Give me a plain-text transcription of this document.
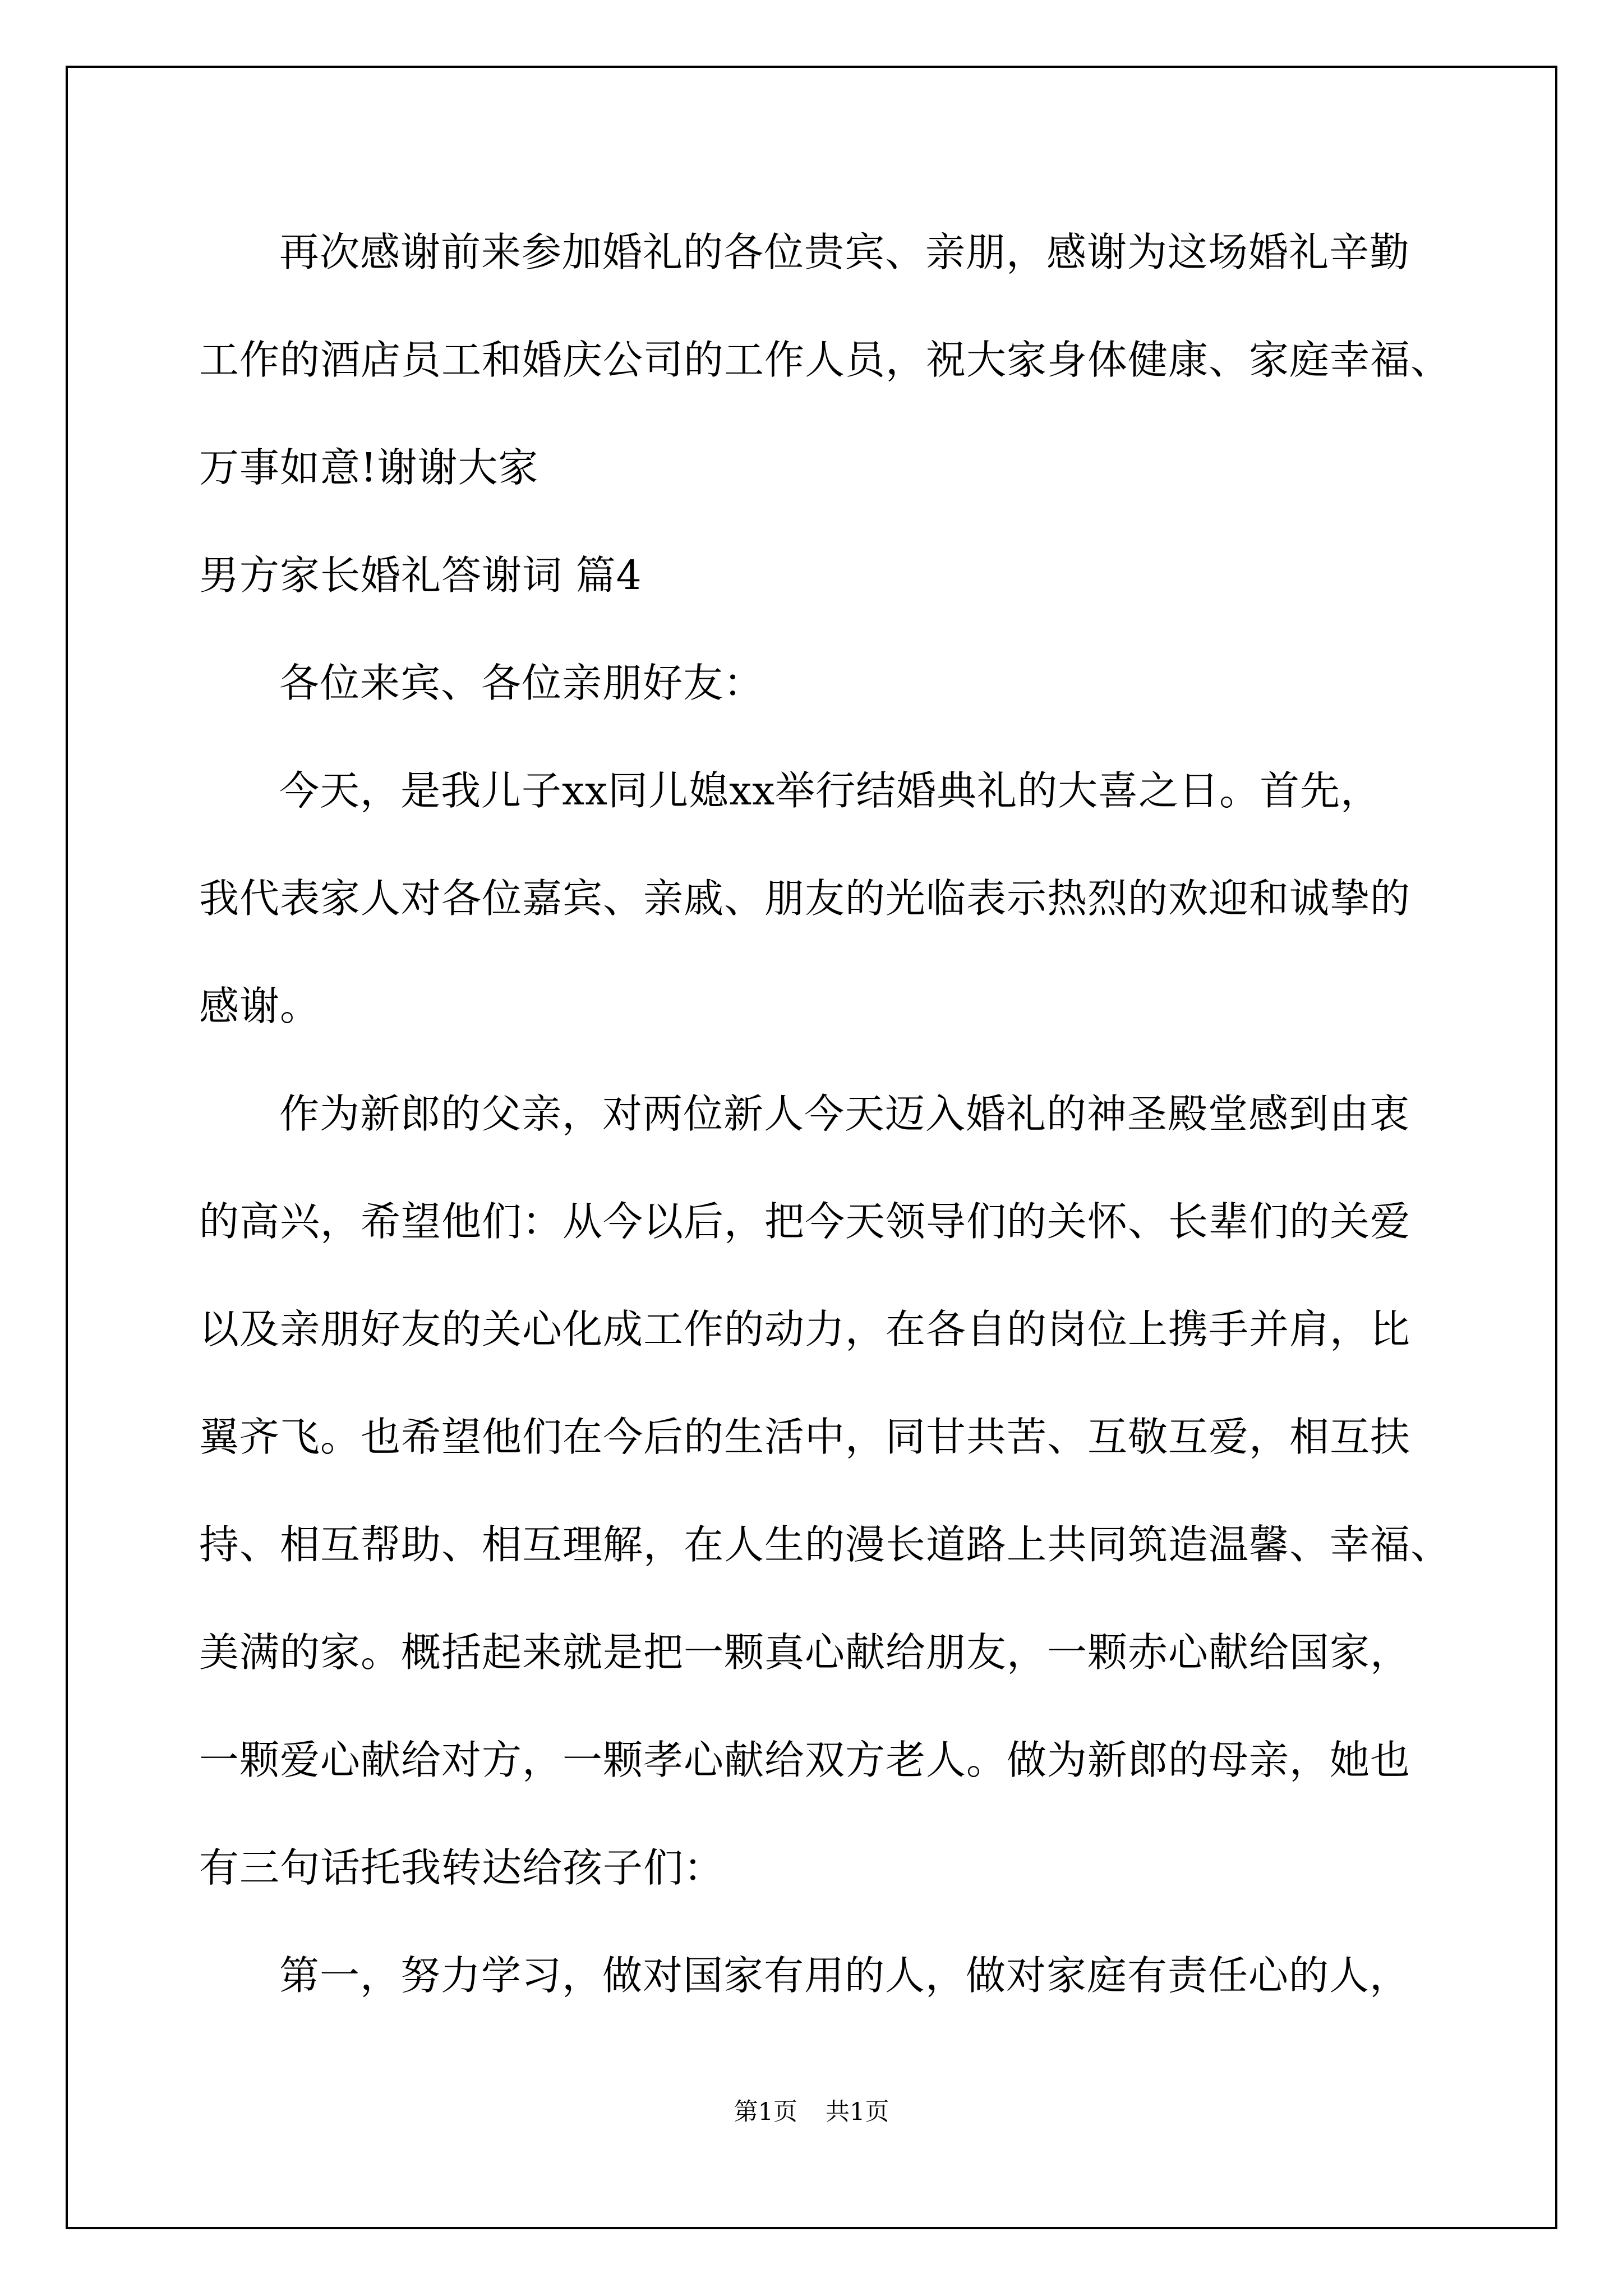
再次感谢前来参加婚礼的各位贵宾、亲朋，感谢为这场婚礼辛勤
工作的酒店员工和婚庆公司的工作人员，祝大家身体健康、家庭幸福、
万事如意!谢谢大家
男方家长婚礼答谢词 篇4
各位来宾、各位亲朋好友：
今天，是我儿子xx同儿媳xx举行结婚典礼的大喜之日。首先，
我代表家人对各位嘉宾、亲戚、朋友的光临表示热烈的欢迎和诚挚的
感谢。
作为新郎的父亲，对两位新人今天迈入婚礼的神圣殿堂感到由衷
的高兴，希望他们：从今以后，把今天领导们的关怀、长辈们的关爱
以及亲朋好友的关心化成工作的动力，在各自的岗位上携手并肩，比
翼齐飞。也希望他们在今后的生活中，同甘共苦、互敬互爱，相互扶
持、相互帮助、相互理解，在人生的漫长道路上共同筑造温馨、幸福、
美满的家。概括起来就是把一颗真心献给朋友，一颗赤心献给国家，
一颗爱心献给对方，一颗孝心献给双方老人。做为新郎的母亲，她也
有三句话托我转达给孩子们：
第一，努力学习，做对国家有用的人，做对家庭有责任心的人，
第1页 共1页
